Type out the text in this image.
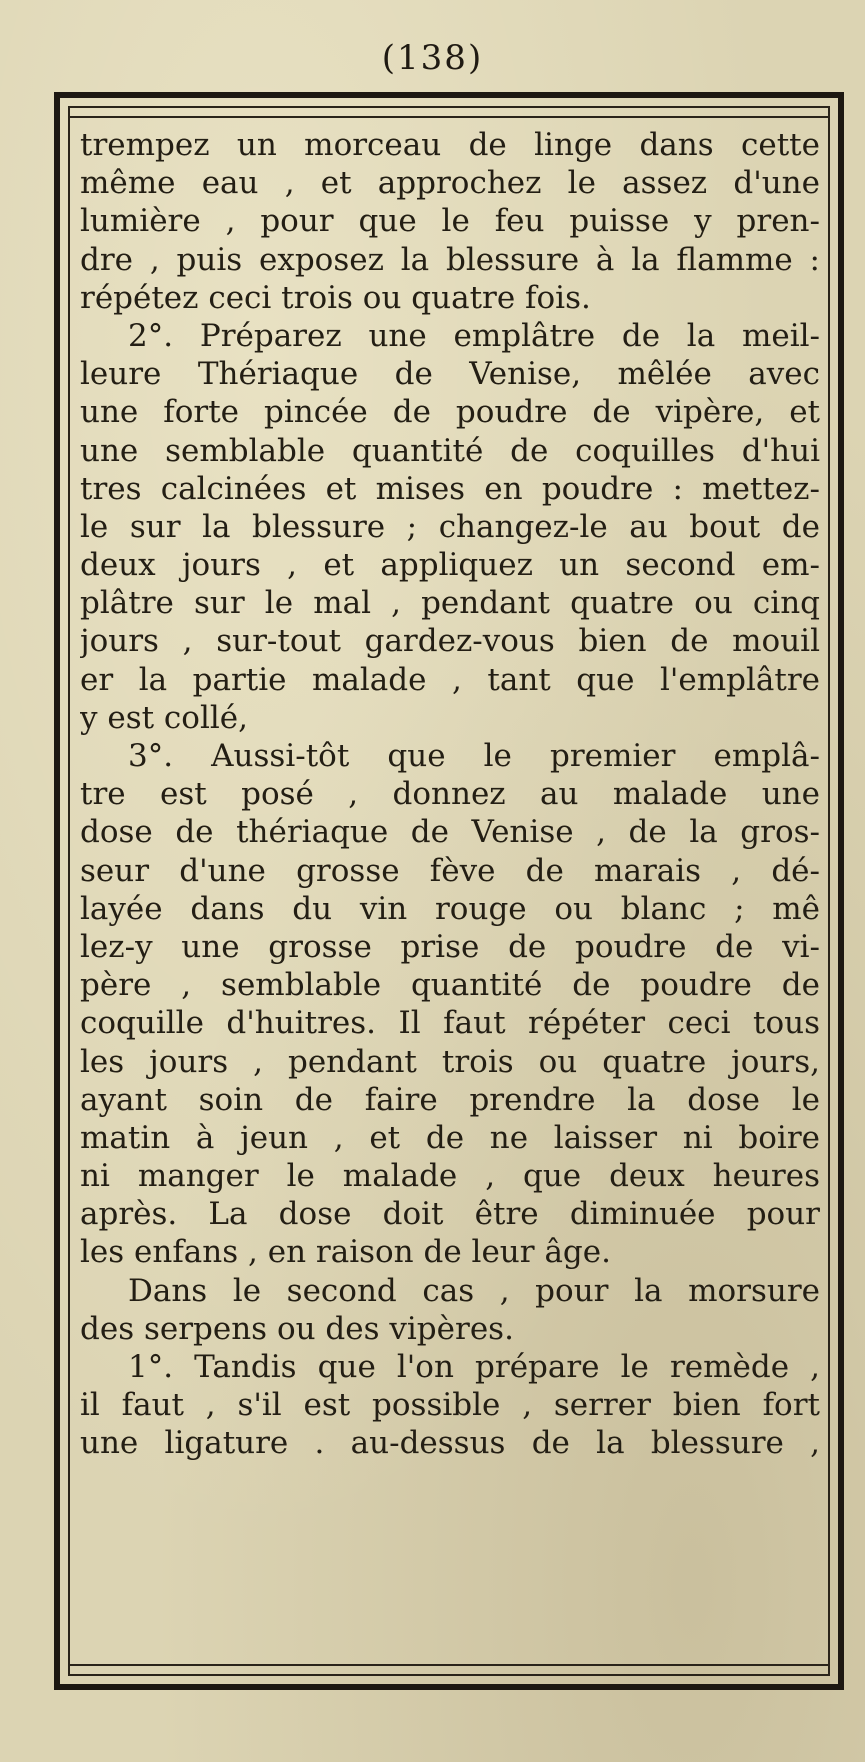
(138)
trempez un morceau de linge dans cette
même eau , et approchez le assez d'une
lumière , pour que le feu puisse y pren-
dre , puis exposez la blessure à la flamme :
répétez ceci trois ou quatre fois.
2°. Préparez une emplâtre de la meil-
leure Thériaque de Venise, mêlée avec
une forte pincée de poudre de vipère, et
une semblable quantité de coquilles d'hui
tres calcinées et mises en poudre : mettez-
le sur la blessure ; changez-le au bout de
deux jours , et appliquez un second em-
plâtre sur le mal , pendant quatre ou cinq
jours , sur-tout gardez-vous bien de mouil
er la partie malade , tant que l'emplâtre
y est collé,
3°. Aussi-tôt que le premier emplâ-
tre est posé , donnez au malade une
dose de thériaque de Venise , de la gros-
seur d'une grosse fève de marais , dé-
layée dans du vin rouge ou blanc ; mê
lez-y une grosse prise de poudre de vi-
père , semblable quantité de poudre de
coquille d'huitres. Il faut répéter ceci tous
les jours , pendant trois ou quatre jours,
ayant soin de faire prendre la dose le
matin à jeun , et de ne laisser ni boire
ni manger le malade , que deux heures
après. La dose doit être diminuée pour
les enfans , en raison de leur âge.
Dans le second cas , pour la morsure
des serpens ou des vipères.
1°. Tandis que l'on prépare le remède ,
il faut , s'il est possible , serrer bien fort
une ligature . au-dessus de la blessure ,
